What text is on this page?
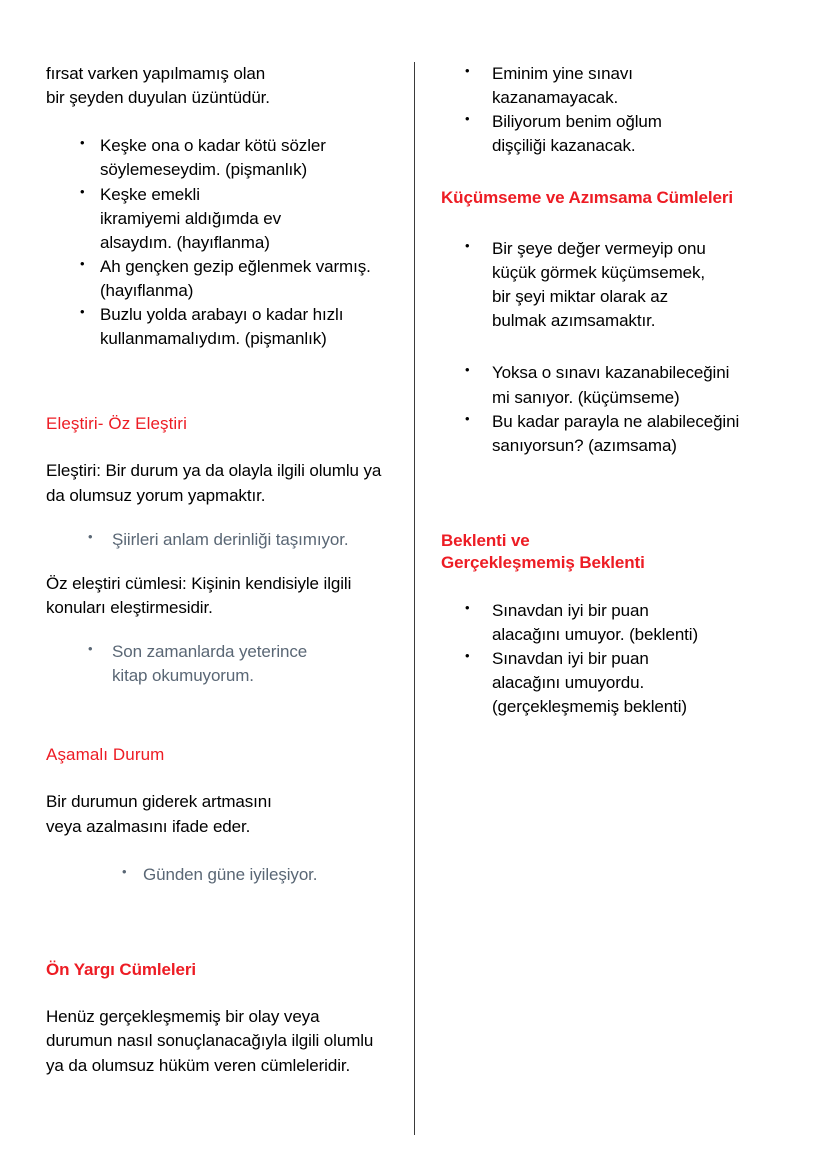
fırsat varken yapılmamış olan
bir şeyden duyulan üzüntüdür.

• Keşke ona o kadar kötü sözler söylemeseydim. (pişmanlık)
• Keşke emekli
ikramiyemi aldığımda ev
alsaydım. (hayıflanma)
• Ah gençken gezip eğlenmek varmış. (hayıflanma)
• Buzlu yolda arabayı o kadar hızlı kullanmamalıydım. (pişmanlık)
Eleştiri- Öz Eleştiri

Eleştiri: Bir durum ya da olayla ilgili olumlu ya da olumsuz yorum yapmaktır.

• Şiirleri anlam derinliği taşımıyor.

Öz eleştiri cümlesi: Kişinin kendisiyle ilgili konuları eleştirmesidir.

• Son zamanlarda yeterince
kitap okumuyorum.
Aşamalı Durum

Bir durumun giderek artmasını
veya azalmasını ifade eder.

• Günden güne iyileşiyor.
Ön Yargı Cümleleri

Henüz gerçekleşmemiş bir olay veya durumun nasıl sonuçlanacağıyla ilgili olumlu ya da olumsuz hüküm veren cümleleridir.

• Eminim yine sınavı
kazanamayacak.
• Biliyorum benim oğlum
dişçiliği kazanacak.
Küçümseme ve Azımsama Cümleleri
• Bir şeye değer vermeyip onu
küçük görmek küçümsemek,
bir şeyi miktar olarak az
bulmak azımsamaktır.
• Yoksa o sınavı kazanabileceğini
mi sanıyor. (küçümseme)
• Bu kadar parayla ne alabileceğini
sanıyorsun? (azımsama)
Beklenti ve
Gerçekleşmemiş Beklenti
• Sınavdan iyi bir puan
alacağını umuyor. (beklenti)
• Sınavdan iyi bir puan
alacağını umuyordu.
(gerçekleşmemiş beklenti)
